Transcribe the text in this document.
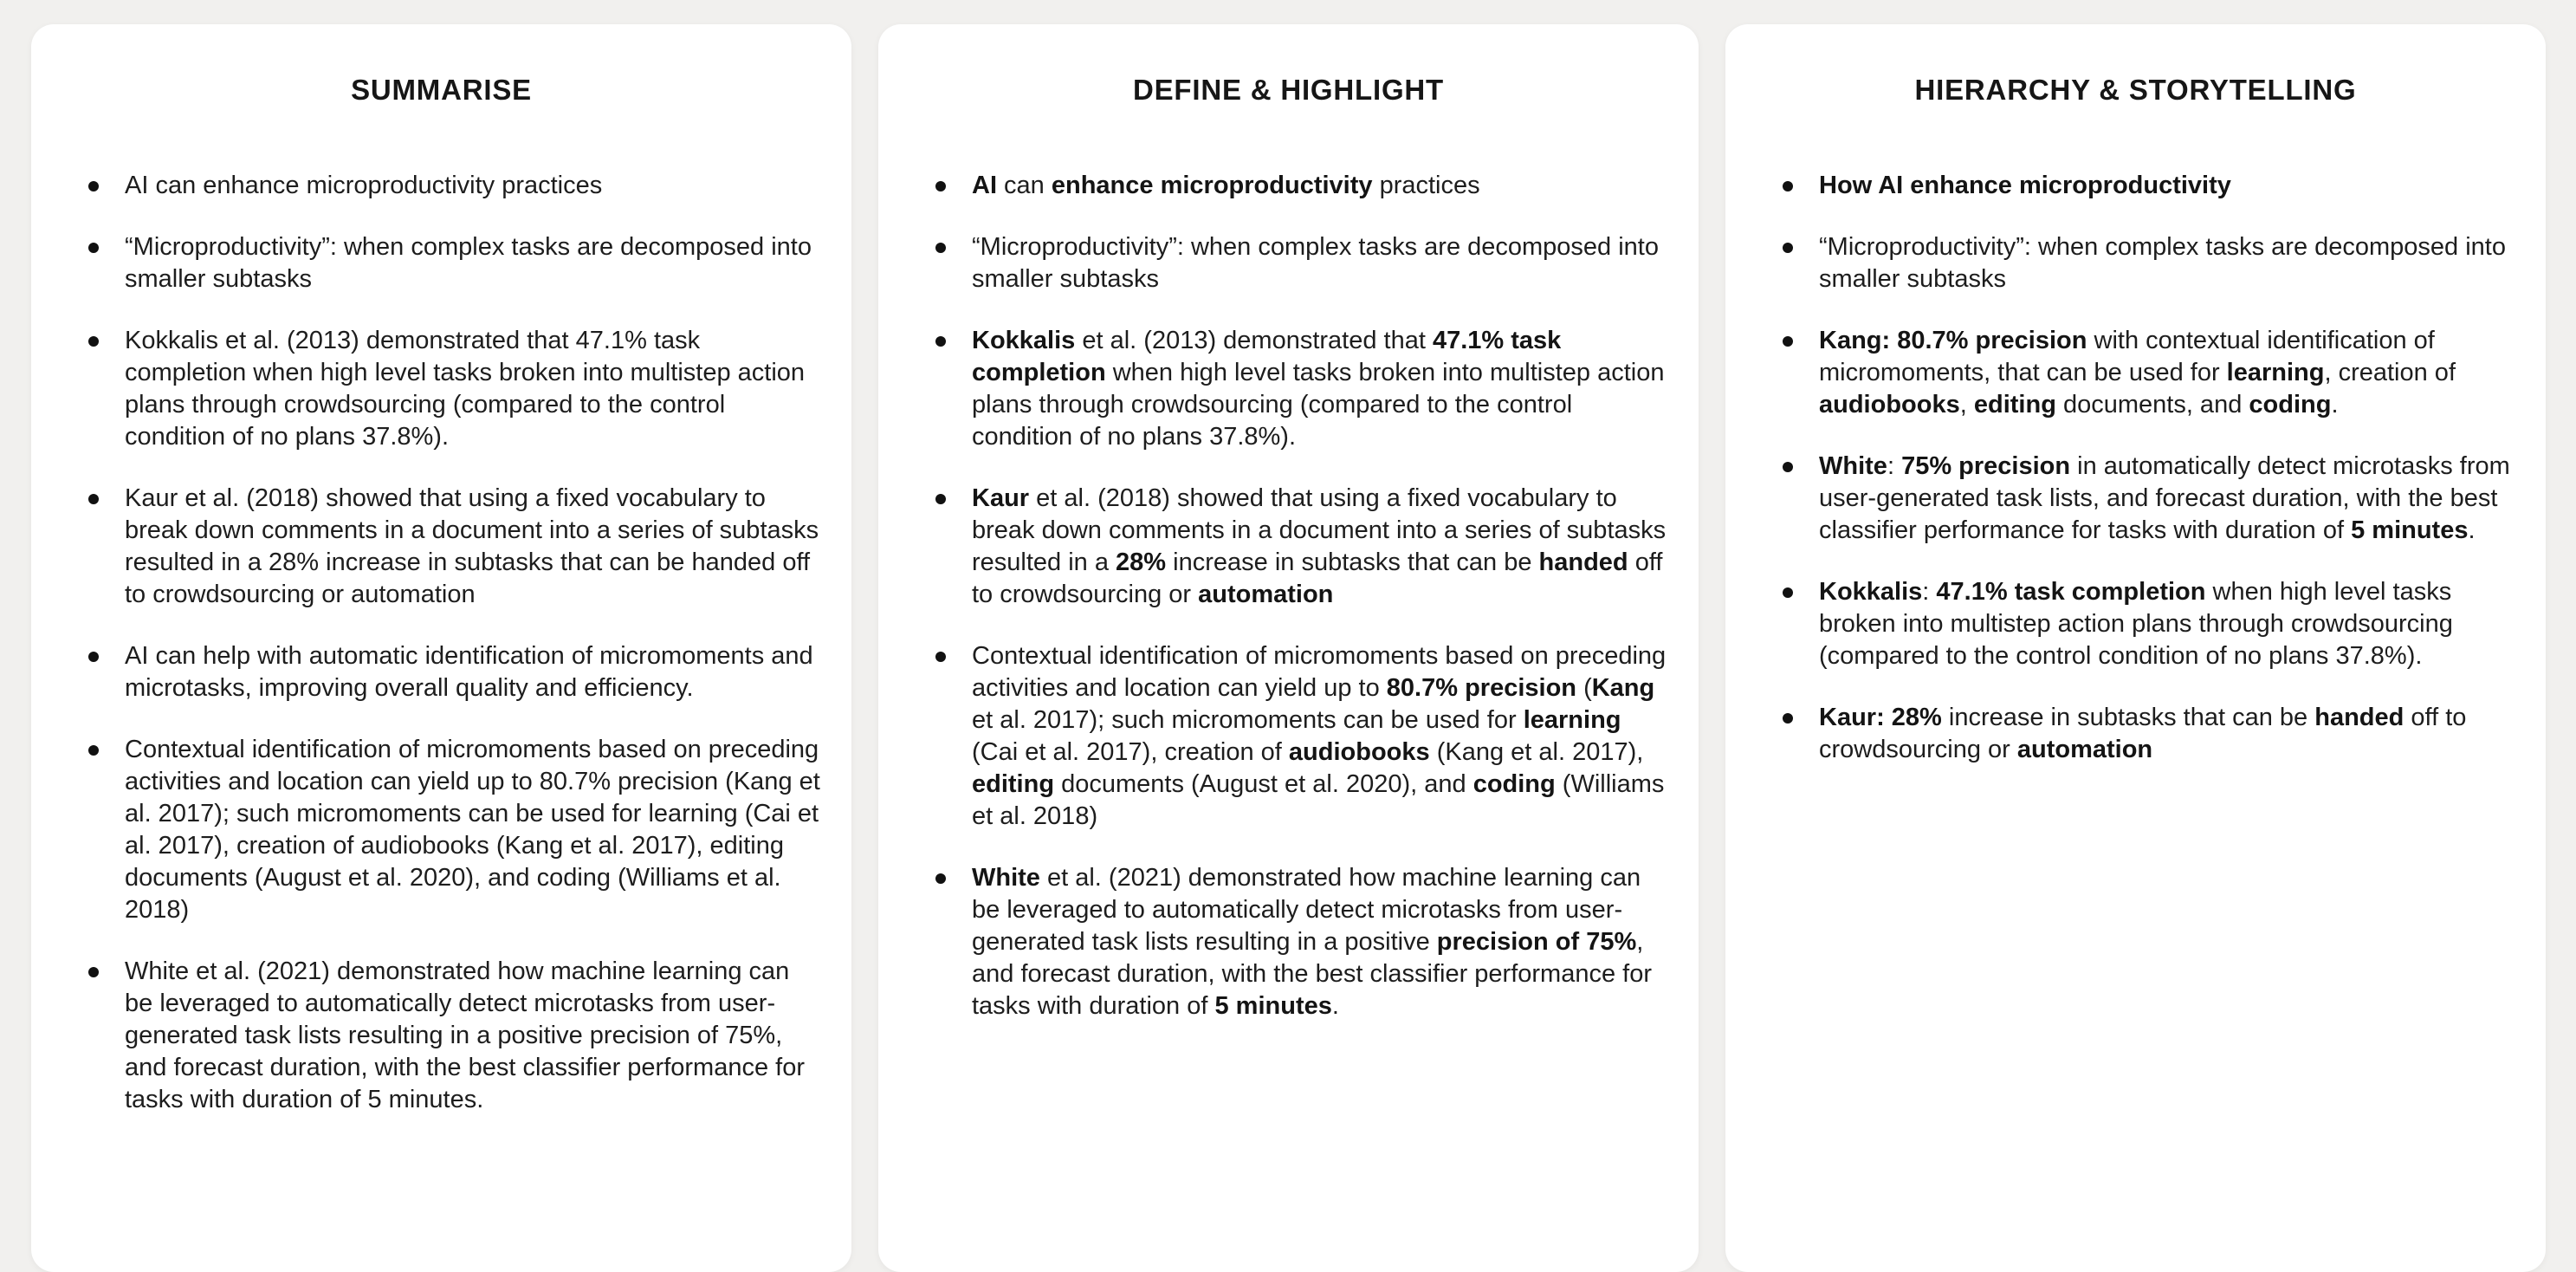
SUMMARISE
AI can enhance microproductivity practices
“Microproductivity”: when complex tasks are decomposed into smaller subtasks
Kokkalis et al. (2013) demonstrated that 47.1% task completion when high level tasks broken into multistep action plans through crowdsourcing (compared to the control condition of no plans 37.8%).
Kaur et al. (2018) showed that using a fixed vocabulary to break down comments in a document into a series of subtasks resulted in a 28% increase in subtasks that can be handed off to crowdsourcing or automation
AI can help with automatic identification of micromoments and microtasks, improving overall quality and efficiency.
Contextual identification of micromoments based on preceding activities and location can yield up to 80.7% precision (Kang et al. 2017); such micromoments can be used for learning (Cai et al. 2017), creation of audiobooks (Kang et al. 2017), editing documents (August et al. 2020), and coding (Williams et al. 2018)
White et al. (2021) demonstrated how machine learning can be leveraged to automatically detect microtasks from user-generated task lists resulting in a positive precision of 75%, and forecast duration, with the best classifier performance for tasks with duration of 5 minutes.
DEFINE & HIGHLIGHT
AI can enhance microproductivity practices
“Microproductivity”: when complex tasks are decomposed into smaller subtasks
Kokkalis et al. (2013) demonstrated that 47.1% task completion when high level tasks broken into multistep action plans through crowdsourcing (compared to the control condition of no plans 37.8%).
Kaur et al. (2018) showed that using a fixed vocabulary to break down comments in a document into a series of subtasks resulted in a 28% increase in subtasks that can be handed off to crowdsourcing or automation
Contextual identification of micromoments based on preceding activities and location can yield up to 80.7% precision (Kang et al. 2017); such micromoments can be used for learning (Cai et al. 2017), creation of audiobooks (Kang et al. 2017), editing documents (August et al. 2020), and coding (Williams et al. 2018)
White et al. (2021) demonstrated how machine learning can be leveraged to automatically detect microtasks from user-generated task lists resulting in a positive precision of 75%, and forecast duration, with the best classifier performance for tasks with duration of 5 minutes.
HIERARCHY & STORYTELLING
How AI enhance microproductivity
“Microproductivity”: when complex tasks are decomposed into smaller subtasks
Kang: 80.7% precision with contextual identification of micromoments, that can be used for learning, creation of audiobooks, editing documents, and coding.
White: 75% precision in automatically detect microtasks from user-generated task lists, and forecast duration, with the best classifier performance for tasks with duration of 5 minutes.
Kokkalis: 47.1% task completion when high level tasks broken into multistep action plans through crowdsourcing (compared to the control condition of no plans 37.8%).
Kaur: 28% increase in subtasks that can be handed off to crowdsourcing or automation
